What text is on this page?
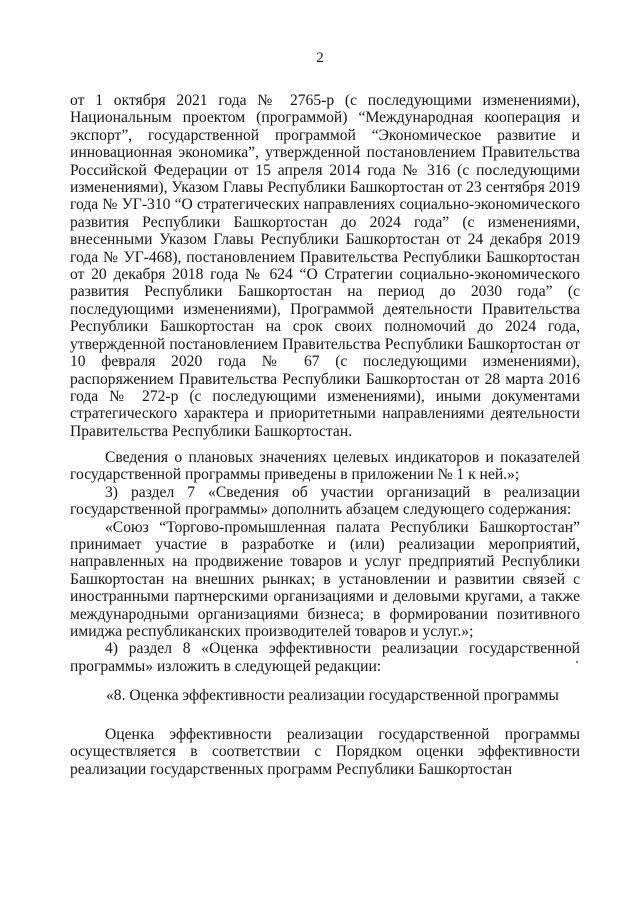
2

от 1 октября 2021 года № 2765-р (с последующими изменениями), Национальным проектом (программой) “Международная кооперация и экспорт”, государственной программой “Экономическое развитие и инновационная экономика”, утвержденной постановлением Правительства Российской Федерации от 15 апреля 2014 года № 316 (с последующими изменениями), Указом Главы Республики Башкортостан от 23 сентября 2019 года № УГ-310 “О стратегических направлениях социально-экономического развития Республики Башкортостан до 2024 года” (с изменениями, внесенными Указом Главы Республики Башкортостан от 24 декабря 2019 года № УГ-468), постановлением Правительства Республики Башкортостан от 20 декабря 2018 года № 624 “О Стратегии социально-экономического развития Республики Башкортостан на период до 2030 года” (с последующими изменениями), Программой деятельности Правительства Республики Башкортостан на срок своих полномочий до 2024 года, утвержденной постановлением Правительства Республики Башкортостан от 10 февраля 2020 года № 67 (с последующими изменениями), распоряжением Правительства Республики Башкортостан от 28 марта 2016 года № 272-р (с последующими изменениями), иными документами стратегического характера и приоритетными направлениями деятельности Правительства Республики Башкортостан.

Сведения о плановых значениях целевых индикаторов и показателей государственной программы приведены в приложении № 1 к ней.»;

3) раздел 7 «Сведения об участии организаций в реализации государственной программы» дополнить абзацем следующего содержания:

«Союз “Торгово-промышленная палата Республики Башкортостан” принимает участие в разработке и (или) реализации мероприятий, направленных на продвижение товаров и услуг предприятий Республики Башкортостан на внешних рынках; в установлении и развитии связей с иностранными партнерскими организациями и деловыми кругами, а также международными организациями бизнеса; в формировании позитивного имиджа республиканских производителей товаров и услуг.»;

4) раздел 8 «Оценка эффективности реализации государственной программы» изложить в следующей редакции:

«8. Оценка эффективности реализации государственной программы

Оценка эффективности реализации государственной программы осуществляется в соответствии с Порядком оценки эффективности реализации государственных программ Республики Башкортостан
